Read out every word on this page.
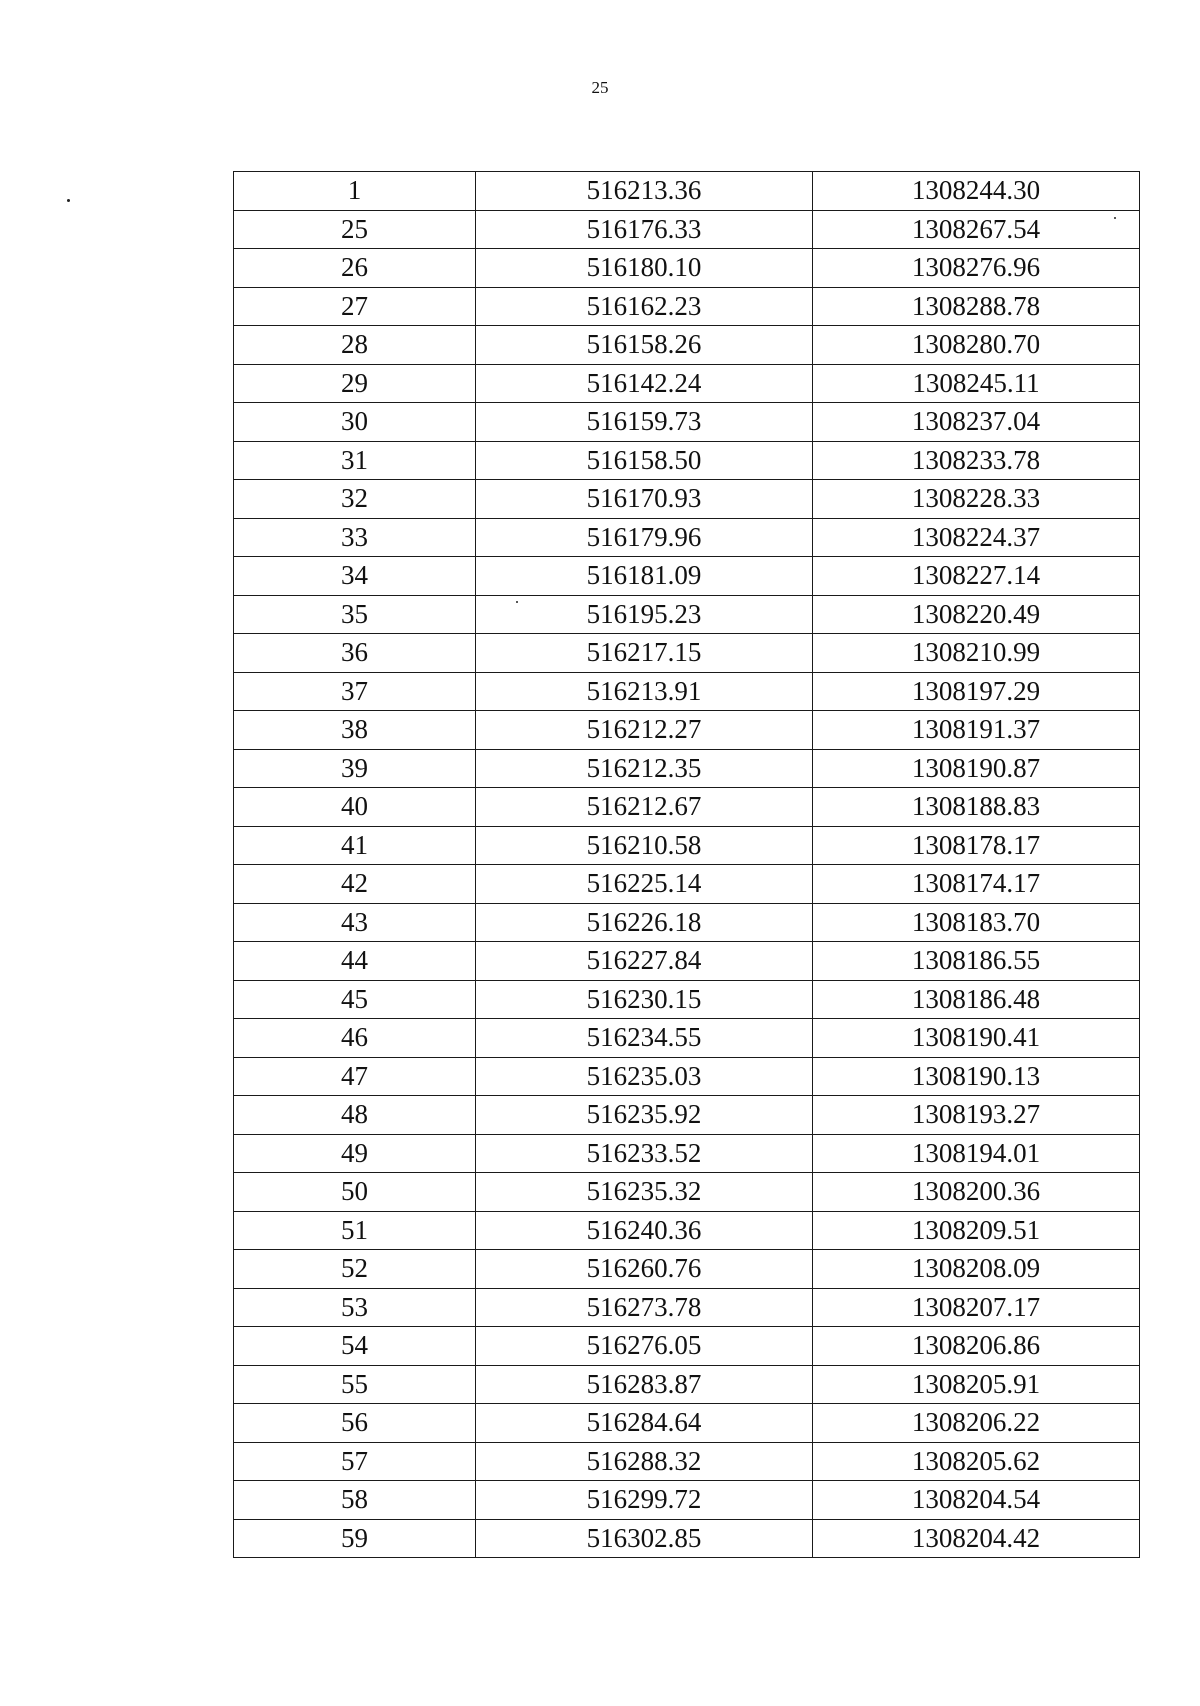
25
1	516213.36	1308244.30
25	516176.33	1308267.54
26	516180.10	1308276.96
27	516162.23	1308288.78
28	516158.26	1308280.70
29	516142.24	1308245.11
30	516159.73	1308237.04
31	516158.50	1308233.78
32	516170.93	1308228.33
33	516179.96	1308224.37
34	516181.09	1308227.14
35	516195.23	1308220.49
36	516217.15	1308210.99
37	516213.91	1308197.29
38	516212.27	1308191.37
39	516212.35	1308190.87
40	516212.67	1308188.83
41	516210.58	1308178.17
42	516225.14	1308174.17
43	516226.18	1308183.70
44	516227.84	1308186.55
45	516230.15	1308186.48
46	516234.55	1308190.41
47	516235.03	1308190.13
48	516235.92	1308193.27
49	516233.52	1308194.01
50	516235.32	1308200.36
51	516240.36	1308209.51
52	516260.76	1308208.09
53	516273.78	1308207.17
54	516276.05	1308206.86
55	516283.87	1308205.91
56	516284.64	1308206.22
57	516288.32	1308205.62
58	516299.72	1308204.54
59	516302.85	1308204.42
